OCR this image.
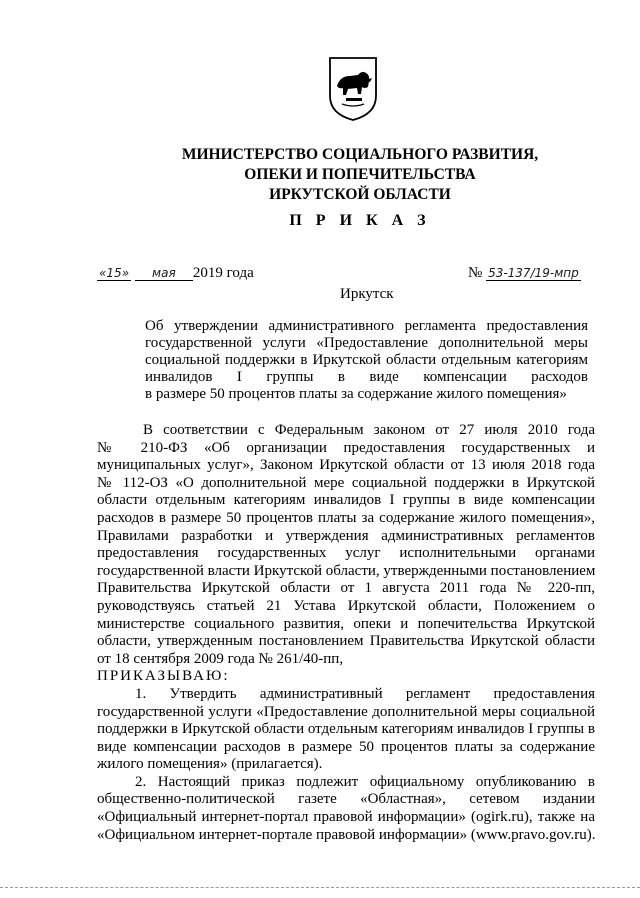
МИНИСТЕРСТВО СОЦИАЛЬНОГО РАЗВИТИЯ,
ОПЕКИ И ПОПЕЧИТЕЛЬСТВА
ИРКУТСКОЙ ОБЛАСТИ
П Р И К А З
«15» мая 2019 года	№ 53-137/19-мпр
Иркутск
Об утверждении административного регламента предоставления
государственной услуги «Предоставление дополнительной меры
социальной поддержки в Иркутской области отдельным категориям
инвалидов I группы в виде компенсации расходов
в размере 50 процентов платы за содержание жилого помещения»
В соответствии с Федеральным законом от 27 июля 2010 года
№ 210-ФЗ «Об организации предоставления государственных и
муниципальных услуг», Законом Иркутской области от 13 июля 2018 года
№ 112-ОЗ «О дополнительной мере социальной поддержки в Иркутской
области отдельным категориям инвалидов I группы в виде компенсации
расходов в размере 50 процентов платы за содержание жилого помещения»,
Правилами разработки и утверждения административных регламентов
предоставления государственных услуг исполнительными органами
государственной власти Иркутской области, утвержденными постановлением
Правительства Иркутской области от 1 августа 2011 года № 220-пп,
руководствуясь статьей 21 Устава Иркутской области, Положением о
министерстве социального развития, опеки и попечительства Иркутской
области, утвержденным постановлением Правительства Иркутской области
от 18 сентября 2009 года № 261/40-пп,
ПРИКАЗЫВАЮ:
1. Утвердить административный регламент предоставления
государственной услуги «Предоставление дополнительной меры социальной
поддержки в Иркутской области отдельным категориям инвалидов I группы в
виде компенсации расходов в размере 50 процентов платы за содержание
жилого помещения» (прилагается).
2. Настоящий приказ подлежит официальному опубликованию в
общественно-политической газете «Областная», сетевом издании
«Официальный интернет-портал правовой информации» (ogirk.ru), также на
«Официальном интернет-портале правовой информации» (www.pravo.gov.ru).
